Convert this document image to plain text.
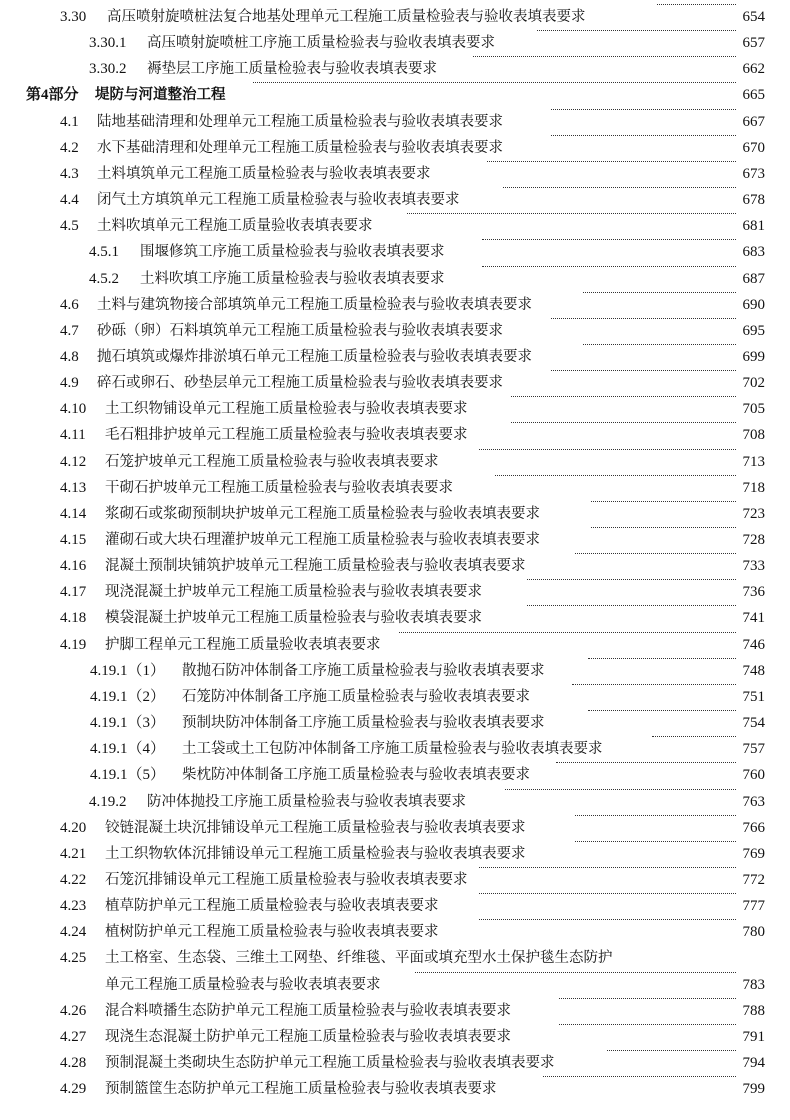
3.30 高压喷射旋喷桩法复合地基处理单元工程施工质量检验表与验收表填表要求	654
3.30.1 高压喷射旋喷桩工序施工质量检验表与验收表填表要求	657
3.30.2 褥垫层工序施工质量检验表与验收表填表要求	662
第4部分 堤防与河道整治工程	665
4.1 陆地基础清理和处理单元工程施工质量检验表与验收表填表要求	667
4.2 水下基础清理和处理单元工程施工质量检验表与验收表填表要求	670
4.3 土料填筑单元工程施工质量检验表与验收表填表要求	673
4.4 闭气土方填筑单元工程施工质量检验表与验收表填表要求	678
4.5 土料吹填单元工程施工质量验收表填表要求	681
4.5.1 围堰修筑工序施工质量检验表与验收表填表要求	683
4.5.2 土料吹填工序施工质量检验表与验收表填表要求	687
4.6 土料与建筑物接合部填筑单元工程施工质量检验表与验收表填表要求	690
4.7 砂砾（卵）石料填筑单元工程施工质量检验表与验收表填表要求	695
4.8 抛石填筑或爆炸排淤填石单元工程施工质量检验表与验收表填表要求	699
4.9 碎石或卵石、砂垫层单元工程施工质量检验表与验收表填表要求	702
4.10 土工织物铺设单元工程施工质量检验表与验收表填表要求	705
4.11 毛石粗排护坡单元工程施工质量检验表与验收表填表要求	708
4.12 石笼护坡单元工程施工质量检验表与验收表填表要求	713
4.13 干砌石护坡单元工程施工质量检验表与验收表填表要求	718
4.14 浆砌石或浆砌预制块护坡单元工程施工质量检验表与验收表填表要求	723
4.15 灌砌石或大块石理灌护坡单元工程施工质量检验表与验收表填表要求	728
4.16 混凝土预制块铺筑护坡单元工程施工质量检验表与验收表填表要求	733
4.17 现浇混凝土护坡单元工程施工质量检验表与验收表填表要求	736
4.18 模袋混凝土护坡单元工程施工质量检验表与验收表填表要求	741
4.19 护脚工程单元工程施工质量验收表填表要求	746
4.19.1（1） 散抛石防冲体制备工序施工质量检验表与验收表填表要求	748
4.19.1（2） 石笼防冲体制备工序施工质量检验表与验收表填表要求	751
4.19.1（3） 预制块防冲体制备工序施工质量检验表与验收表填表要求	754
4.19.1（4） 土工袋或土工包防冲体制备工序施工质量检验表与验收表填表要求	757
4.19.1（5） 柴枕防冲体制备工序施工质量检验表与验收表填表要求	760
4.19.2 防冲体抛投工序施工质量检验表与验收表填表要求	763
4.20 铰链混凝土块沉排铺设单元工程施工质量检验表与验收表填表要求	766
4.21 土工织物软体沉排铺设单元工程施工质量检验表与验收表填表要求	769
4.22 石笼沉排铺设单元工程施工质量检验表与验收表填表要求	772
4.23 植草防护单元工程施工质量检验表与验收表填表要求	777
4.24 植树防护单元工程施工质量检验表与验收表填表要求	780
4.25 土工格室、生态袋、三维土工网垫、纤维毯、平面或填充型水土保护毯生态防护
单元工程施工质量检验表与验收表填表要求	783
4.26 混合料喷播生态防护单元工程施工质量检验表与验收表填表要求	788
4.27 现浇生态混凝土防护单元工程施工质量检验表与验收表填表要求	791
4.28 预制混凝土类砌块生态防护单元工程施工质量检验表与验收表填表要求	794
4.29 预制篮筐生态防护单元工程施工质量检验表与验收表填表要求	799
